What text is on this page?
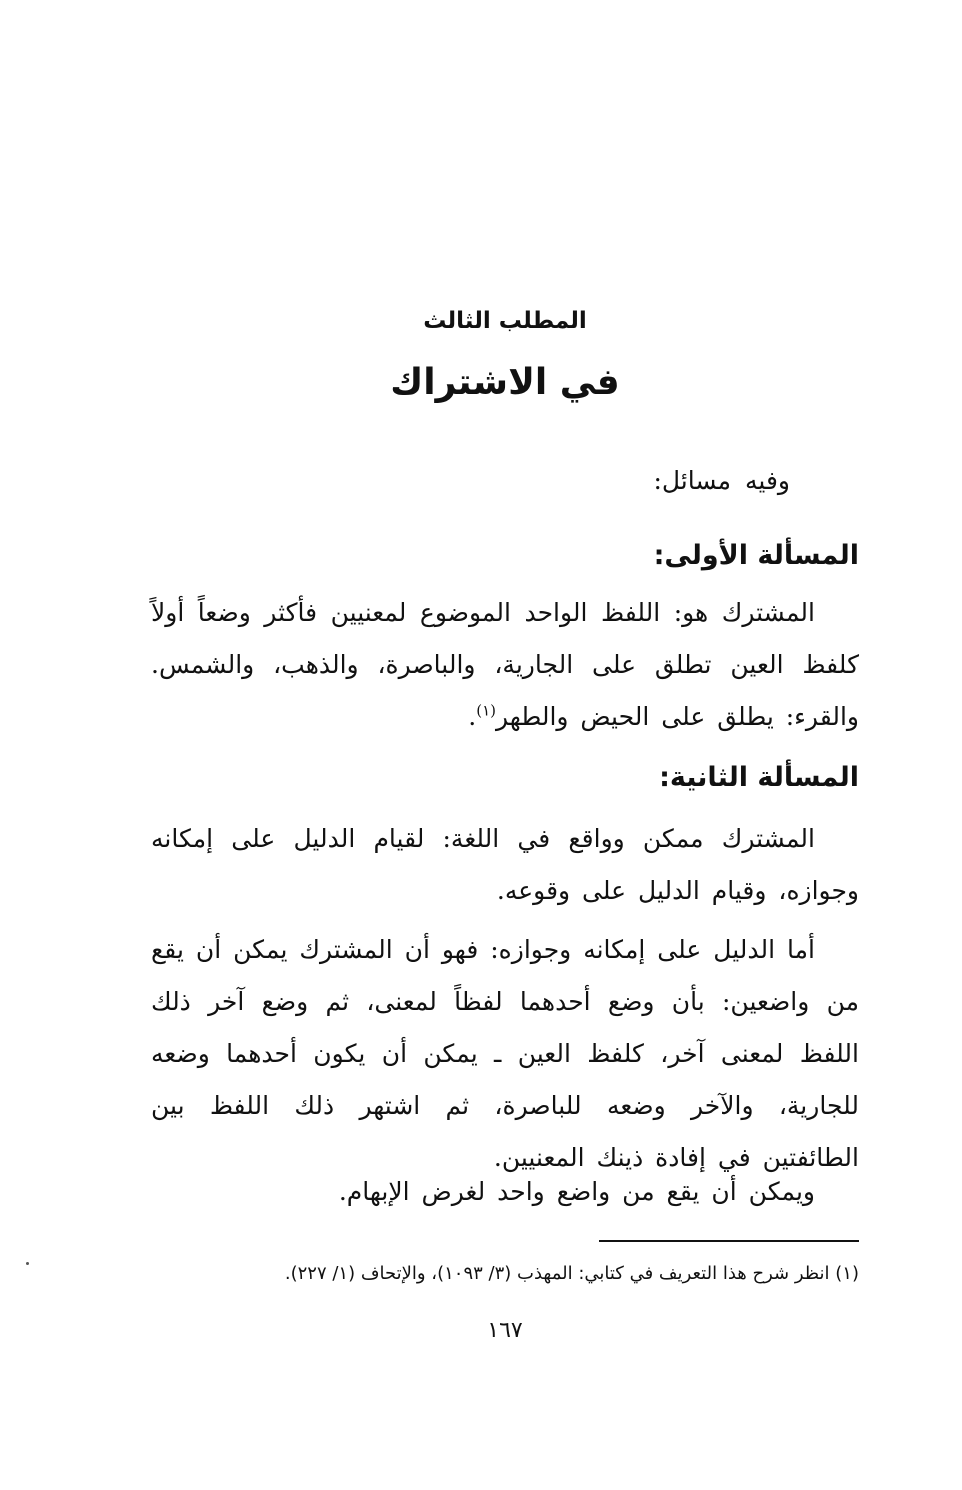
المطلب الثالث
في الاشتراك
وفيه مسائل:
المسألة الأولى:
المشترك هو: اللفظ الواحد الموضوع لمعنيين فأكثر وضعاً أولاً كلفظ العين تطلق على الجارية، والباصرة، والذهب، والشمس. والقرء: يطلق على الحيض والطهر$^{(١)}$.
المسألة الثانية:
المشترك ممكن وواقع في اللغة: لقيام الدليل على إمكانه وجوازه، وقيام الدليل على وقوعه.
أما الدليل على إمكانه وجوازه: فهو أن المشترك يمكن أن يقع من واضعين: بأن وضع أحدهما لفظاً لمعنى، ثم وضع آخر ذلك اللفظ لمعنى آخر، كلفظ العين ـ يمكن أن يكون أحدهما وضعه للجارية، والآخر وضعه للباصرة، ثم اشتهر ذلك اللفظ بين الطائفتين في إفادة ذينك المعنيين.
ويمكن أن يقع من واضع واحد لغرض الإبهام.
(١) انظر شرح هذا التعريف في كتابي: المهذب (٣/ ١٠٩٣)، والإتحاف (١/ ٢٢٧).
١٦٧
